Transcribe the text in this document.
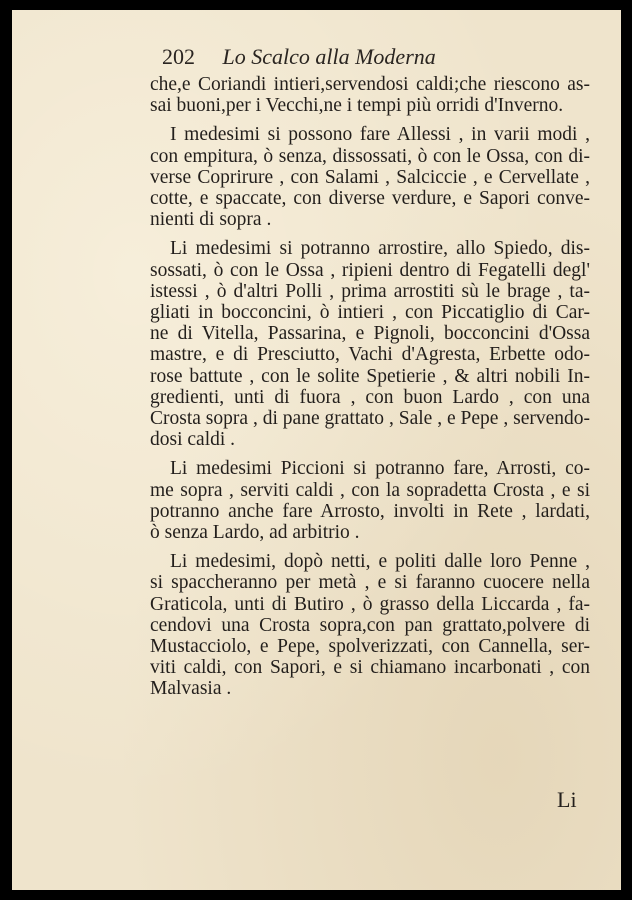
202 Lo Scalco alla Moderna
che,e Coriandi intieri,servendosi caldi;che riescono as-
sai buoni,per i Vecchi,ne i tempi più orridi d'Inverno.
I medesimi si possono fare Allessi , in varii modi ,
con empitura, ò senza, dissossati, ò con le Ossa, con di-
verse Coprirure , con Salami , Salciccie , e Cervellate ,
cotte, e spaccate, con diverse verdure, e Sapori conve-
nienti di sopra .
Li medesimi si potranno arrostire, allo Spiedo, dis-
sossati, ò con le Ossa , ripieni dentro di Fegatelli degl'
istessi , ò d'altri Polli , prima arrostiti sù le brage , ta-
gliati in bocconcini, ò intieri , con Piccatiglio di Car-
ne di Vitella, Passarina, e Pignoli, bocconcini d'Ossa
mastre, e di Presciutto, Vachi d'Agresta, Erbette odo-
rose battute , con le solite Spetierie , & altri nobili In-
gredienti, unti di fuora , con buon Lardo , con una
Crosta sopra , di pane grattato , Sale , e Pepe , servendo-
dosi caldi .
Li medesimi Piccioni si potranno fare, Arrosti, co-
me sopra , serviti caldi , con la sopradetta Crosta , e si
potranno anche fare Arrosto, involti in Rete , lardati,
ò senza Lardo, ad arbitrio .
Li medesimi, dopò netti, e politi dalle loro Penne ,
si spaccheranno per metà , e si faranno cuocere nella
Graticola, unti di Butiro , ò grasso della Liccarda , fa-
cendovi una Crosta sopra,con pan grattato,polvere di
Mustacciolo, e Pepe, spolverizzati, con Cannella, ser-
viti caldi, con Sapori, e si chiamano incarbonati , con
Malvasia .
Li
